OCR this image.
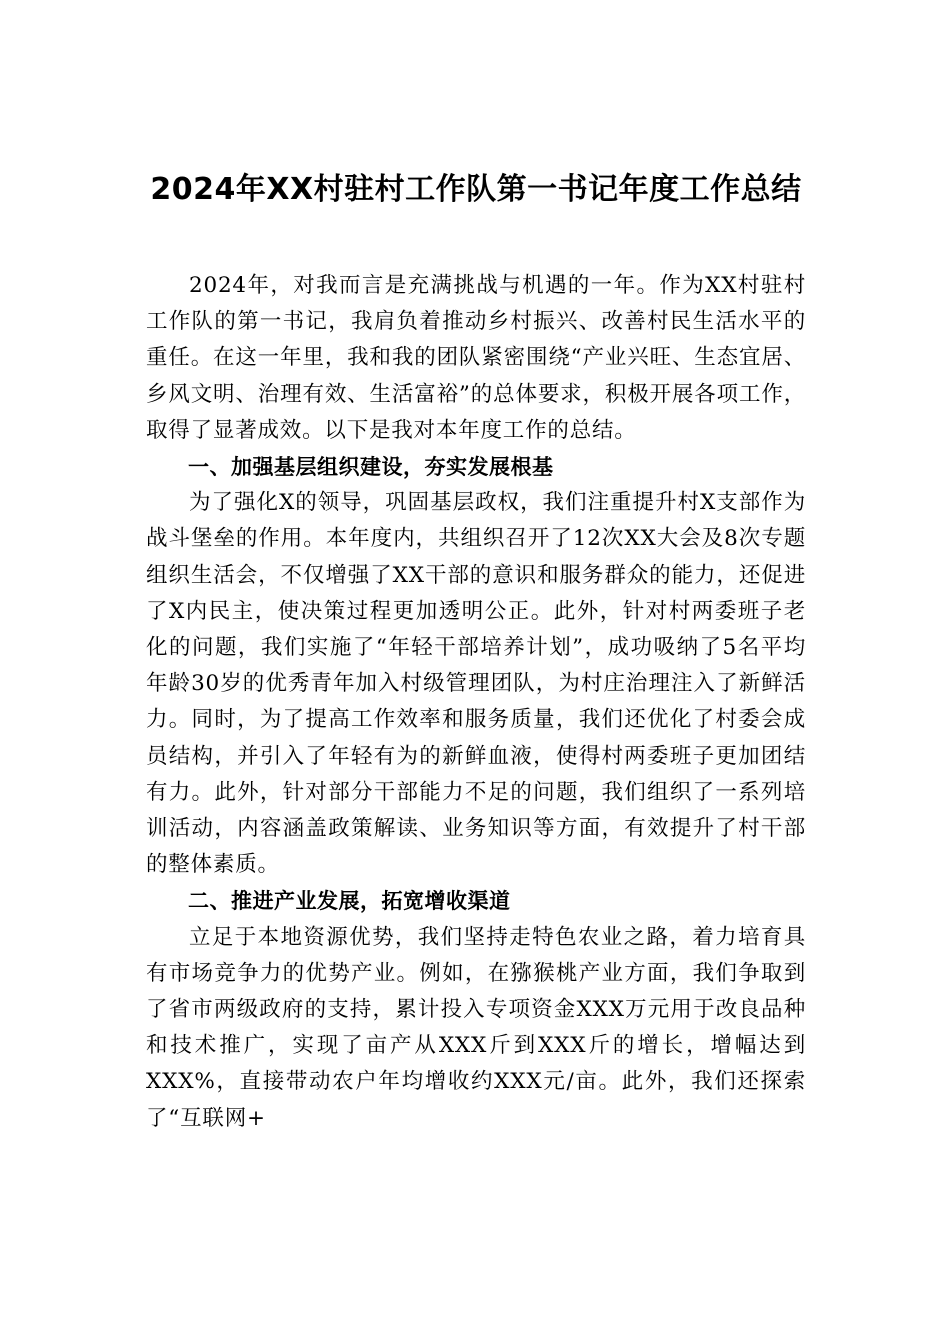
2024年XX村驻村工作队第一书记年度工作总结

2024年，对我而言是充满挑战与机遇的一年。作为XX村驻村工作队的第一书记，我肩负着推动乡村振兴、改善村民生活水平的重任。在这一年里，我和我的团队紧密围绕“产业兴旺、生态宜居、乡风文明、治理有效、生活富裕”的总体要求，积极开展各项工作，取得了显著成效。以下是我对本年度工作的总结。

一、加强基层组织建设，夯实发展根基

为了强化X的领导，巩固基层政权，我们注重提升村X支部作为战斗堡垒的作用。本年度内，共组织召开了12次XX大会及8次专题组织生活会，不仅增强了XX干部的意识和服务群众的能力，还促进了X内民主，使决策过程更加透明公正。此外，针对村两委班子老化的问题，我们实施了“年轻干部培养计划”，成功吸纳了5名平均年龄30岁的优秀青年加入村级管理团队，为村庄治理注入了新鲜活力。同时，为了提高工作效率和服务质量，我们还优化了村委会成员结构，并引入了年轻有为的新鲜血液，使得村两委班子更加团结有力。此外，针对部分干部能力不足的问题，我们组织了一系列培训活动，内容涵盖政策解读、业务知识等方面，有效提升了村干部的整体素质。

二、推进产业发展，拓宽增收渠道

立足于本地资源优势，我们坚持走特色农业之路，着力培育具有市场竞争力的优势产业。例如，在猕猴桃产业方面，我们争取到了省市两级政府的支持，累计投入专项资金XXX万元用于改良品种和技术推广，实现了亩产从XXX斤到XXX斤的增长，增幅达到XXX%，直接带动农户年均增收约XXX元/亩。此外，我们还探索了“互联网+
